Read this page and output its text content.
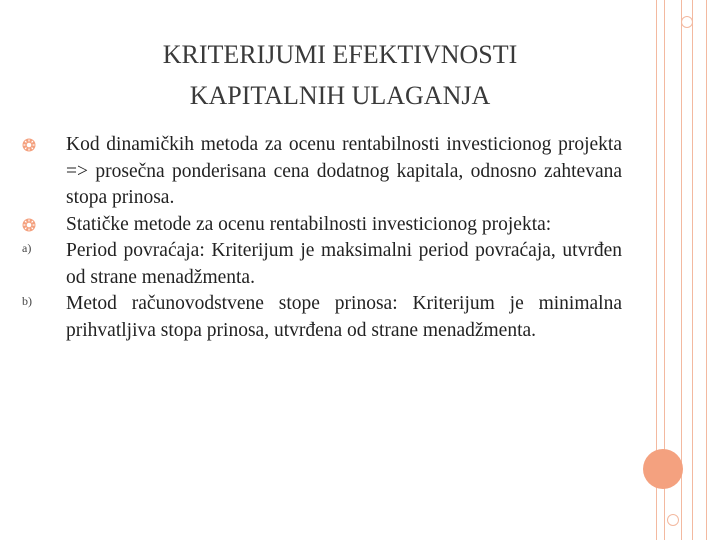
KRITERIJUMI EFEKTIVNOSTI
KAPITALNIH ULAGANJA
Kod dinamičkih metoda za ocenu rentabilnosti investicionog projekta => prosečna ponderisana cena dodatnog kapitala, odnosno zahtevana stopa prinosa.
Statičke metode za ocenu rentabilnosti investicionog projekta:
a)	Period povraćaja: Kriterijum je maksimalni period povraćaja, utvrđen od strane menadžmenta.
b)	Metod računovodstvene stope prinosa: Kriterijum je minimalna prihvatljiva stopa prinosa, utvrđena od strane menadžmenta.
